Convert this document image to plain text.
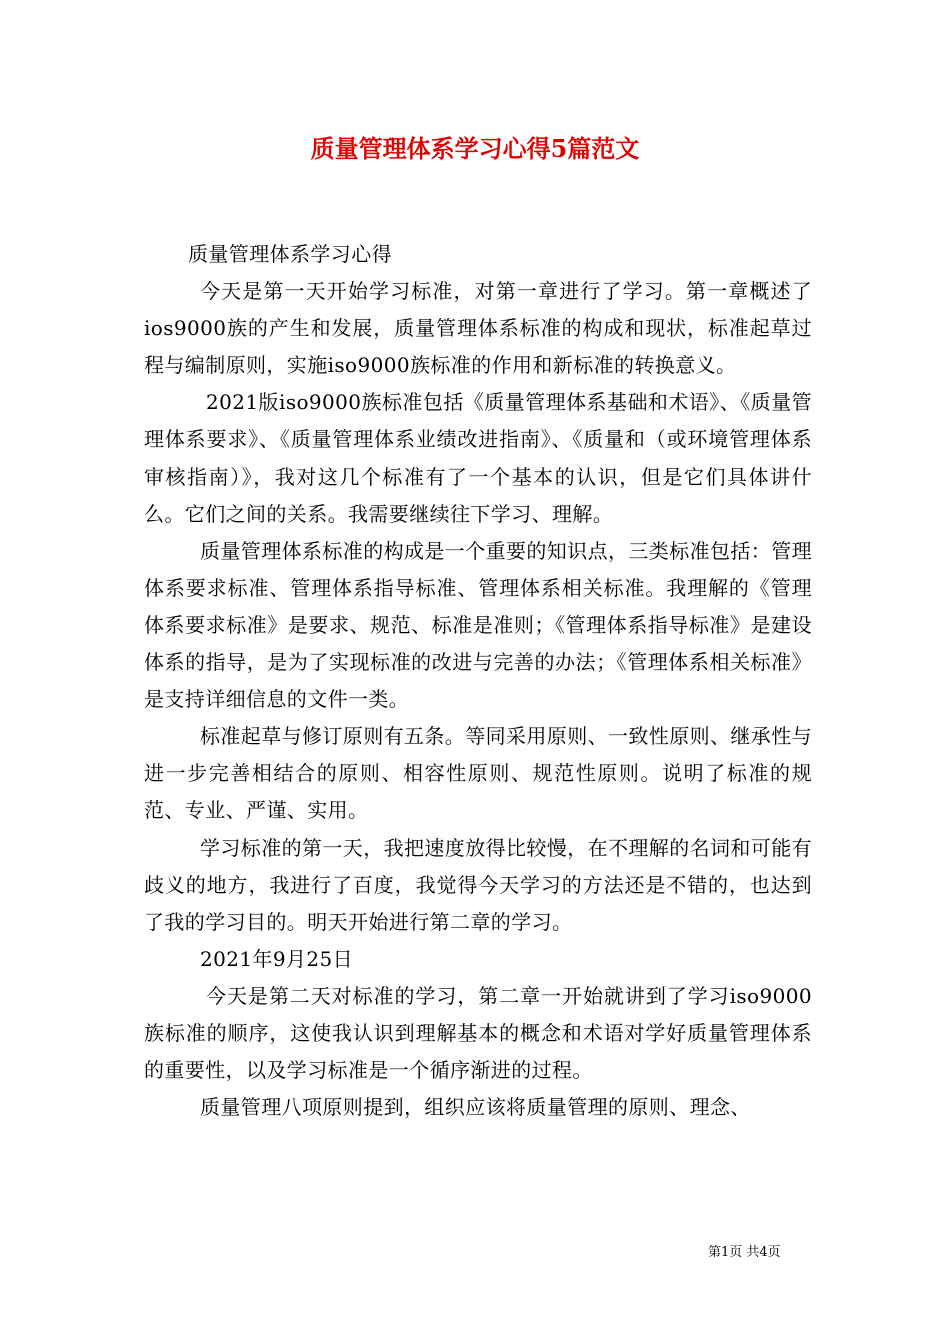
质量管理体系学习心得5篇范文

质量管理体系学习心得

今天是第一天开始学习标准，对第一章进行了学习。第一章概述了ios9000族的产生和发展，质量管理体系标准的构成和现状，标准起草过程与编制原则，实施iso9000族标准的作用和新标准的转换意义。

2021版iso9000族标准包括《质量管理体系基础和术语》、《质量管理体系要求》、《质量管理体系业绩改进指南》、《质量和（或环境管理体系审核指南）》，我对这几个标准有了一个基本的认识，但是它们具体讲什么。它们之间的关系。我需要继续往下学习、理解。

质量管理体系标准的构成是一个重要的知识点，三类标准包括：管理体系要求标准、管理体系指导标准、管理体系相关标准。我理解的《管理体系要求标准》是要求、规范、标准是准则；《管理体系指导标准》是建设体系的指导，是为了实现标准的改进与完善的办法；《管理体系相关标准》是支持详细信息的文件一类。

标准起草与修订原则有五条。等同采用原则、一致性原则、继承性与进一步完善相结合的原则、相容性原则、规范性原则。说明了标准的规范、专业、严谨、实用。

学习标准的第一天，我把速度放得比较慢，在不理解的名词和可能有歧义的地方，我进行了百度，我觉得今天学习的方法还是不错的，也达到了我的学习目的。明天开始进行第二章的学习。

2021年9月25日

今天是第二天对标准的学习，第二章一开始就讲到了学习iso9000族标准的顺序，这使我认识到理解基本的概念和术语对学好质量管理体系的重要性，以及学习标准是一个循序渐进的过程。

质量管理八项原则提到，组织应该将质量管理的原则、理念、

第1页 共4页
